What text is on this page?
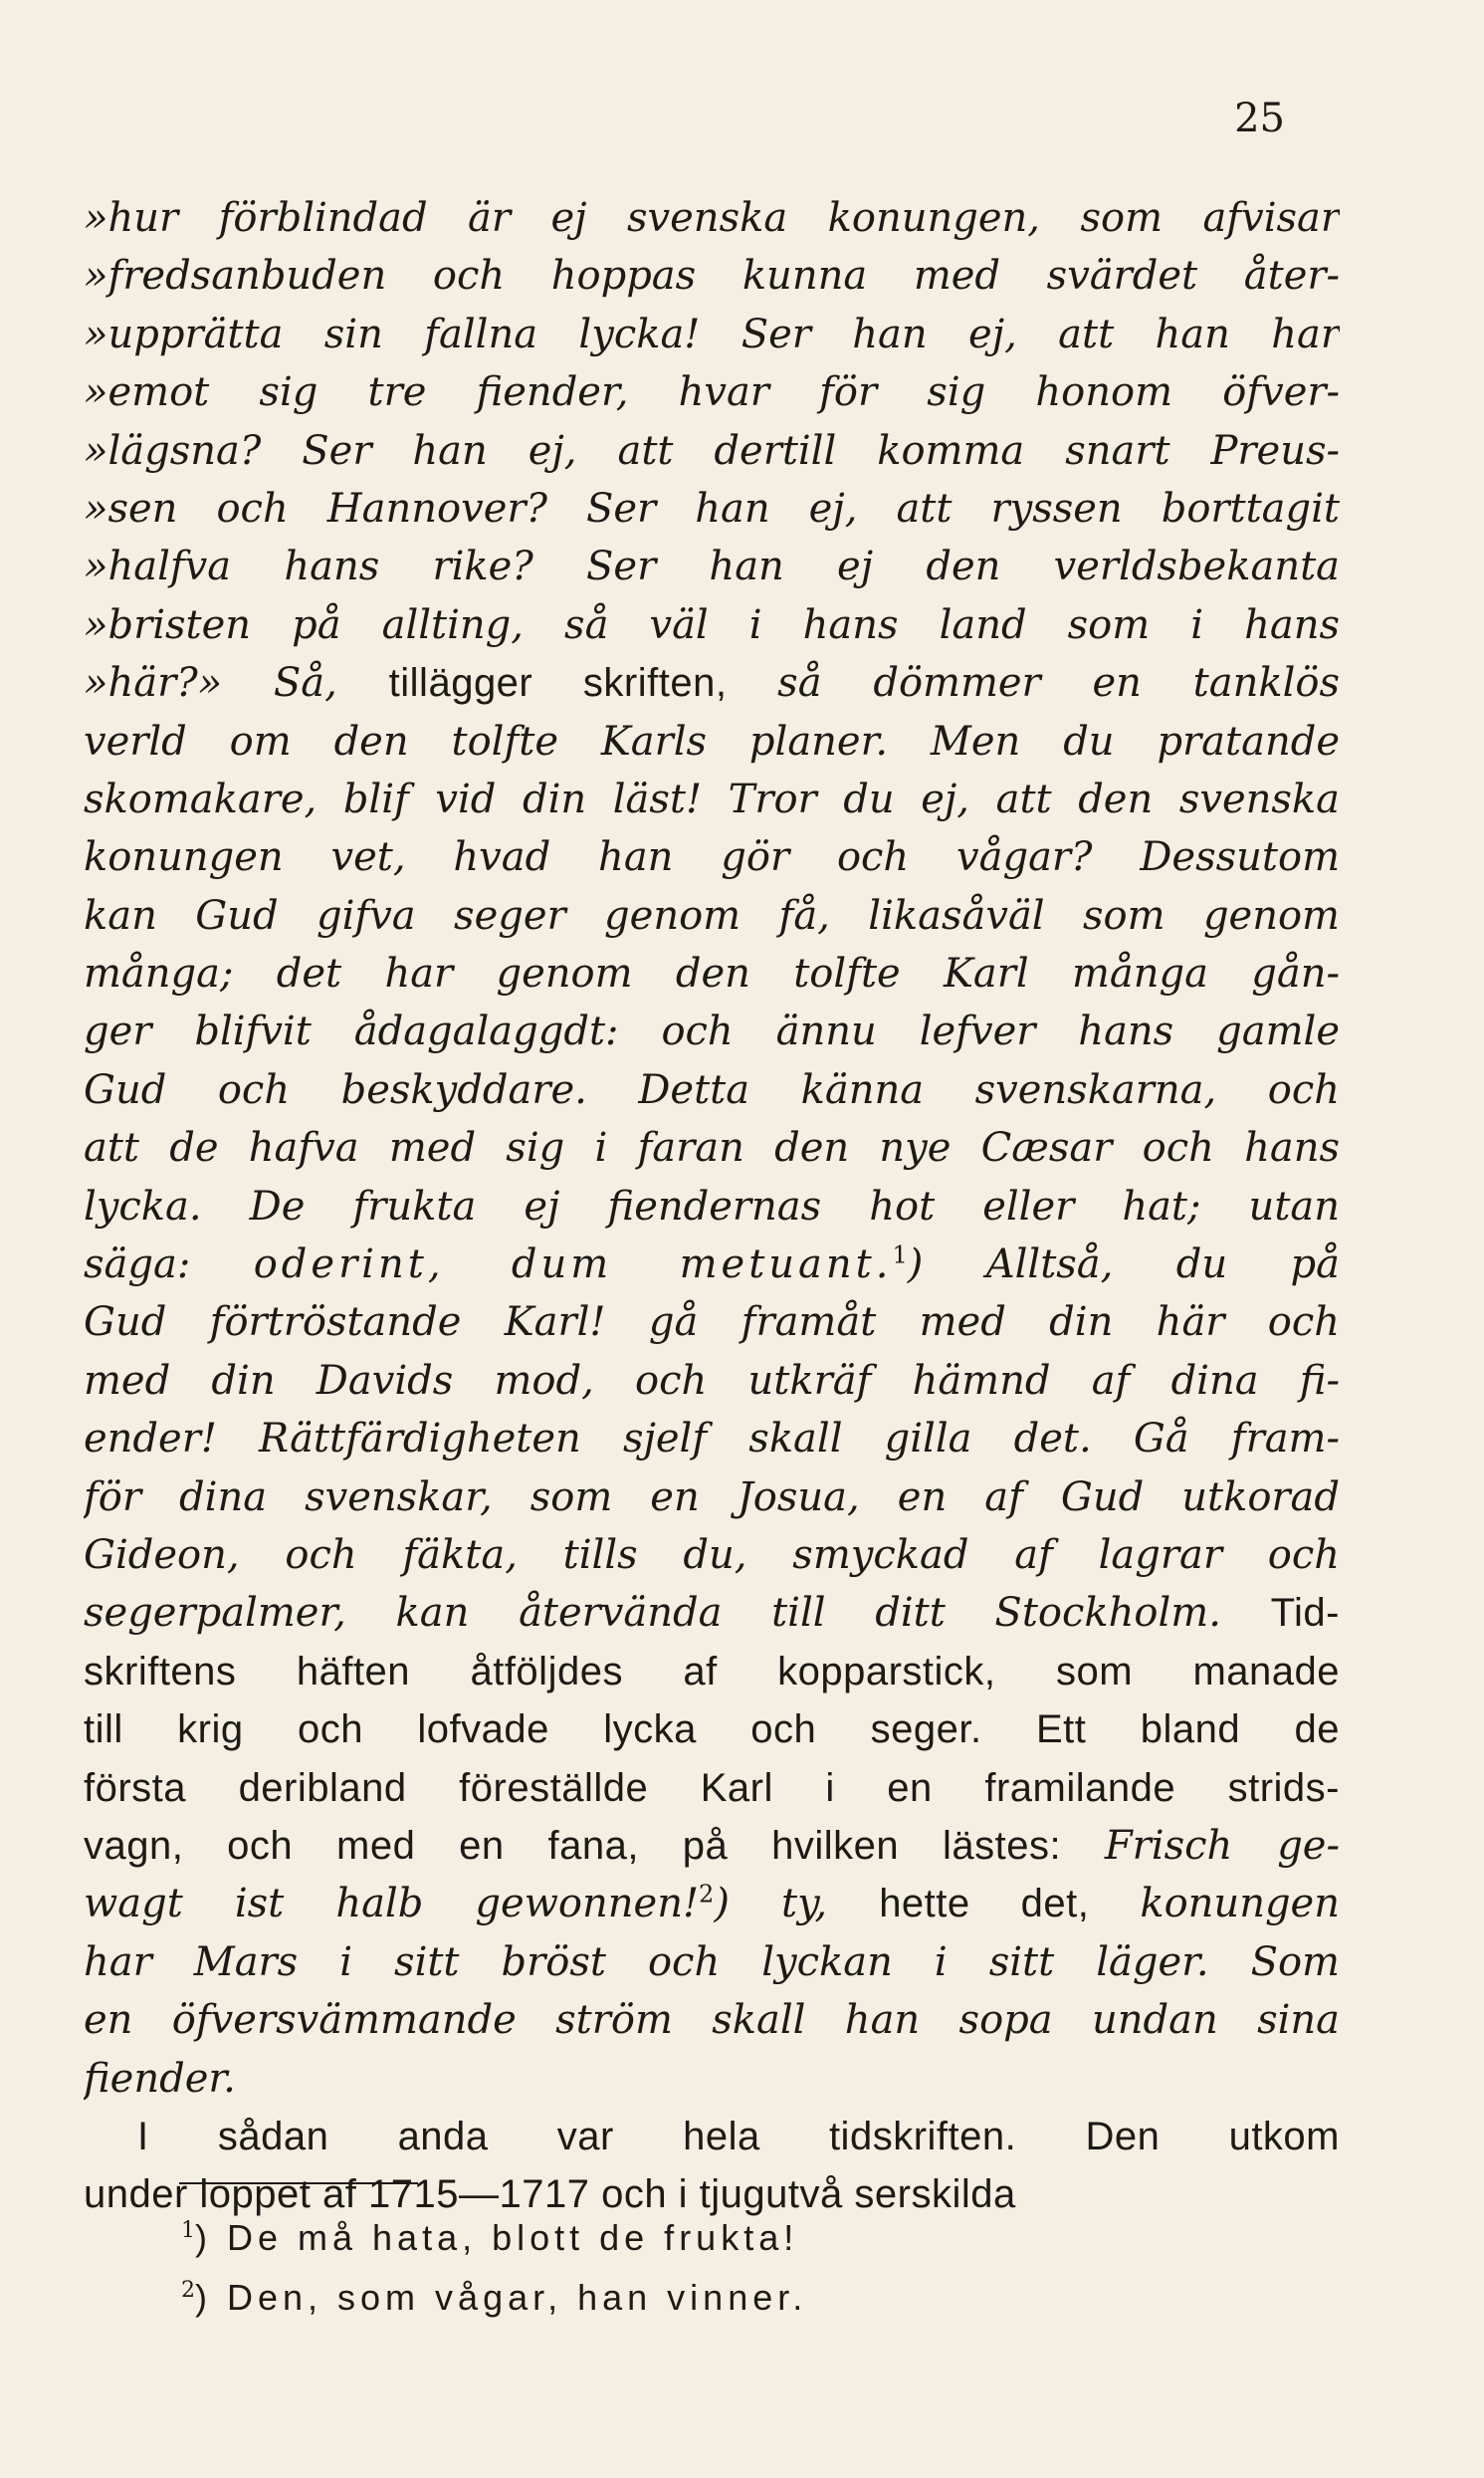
25
»hur förblindad är ej svenska konungen, som afvisar
»fredsanbuden och hoppas kunna med svärdet åter-
»upprätta sin fallna lycka! Ser han ej, att han har
»emot sig tre fiender, hvar för sig honom öfver-
»lägsna? Ser han ej, att dertill komma snart Preus-
»sen och Hannover? Ser han ej, att ryssen borttagit
»halfva hans rike? Ser han ej den verldsbekanta
»bristen på allting, så väl i hans land som i hans
»här?» Så, tillägger skriften, så dömmer en tanklös
verld om den tolfte Karls planer. Men du pratande
skomakare, blif vid din läst! Tror du ej, att den svenska
konungen vet, hvad han gör och vågar? Dessutom
kan Gud gifva seger genom få, likasåväl som genom
många; det har genom den tolfte Karl många gån-
ger blifvit ådagalaggdt: och ännu lefver hans gamle
Gud och beskyddare. Detta känna svenskarna, och
att de hafva med sig i faran den nye Cæsar och hans
lycka. De frukta ej fiendernas hot eller hat; utan
säga: oderint, dum metuant.$^1$) Alltså, du på
Gud förtröstande Karl! gå framåt med din här och
med din Davids mod, och utkräf hämnd af dina fi-
ender! Rättfärdigheten sjelf skall gilla det. Gå fram-
för dina svenskar, som en Josua, en af Gud utkorad
Gideon, och fäkta, tills du, smyckad af lagrar och
segerpalmer, kan återvända till ditt Stockholm. Tid-
skriftens häften åtföljdes af kopparstick, som manade
till krig och lofvade lycka och seger. Ett bland de
första deribland föreställde Karl i en framilande strids-
vagn, och med en fana, på hvilken lästes: Frisch ge-
wagt ist halb gewonnen!$^2$) ty, hette det, konungen
har Mars i sitt bröst och lyckan i sitt läger. Som
en öfversvämmande ström skall han sopa undan sina
fiender.
I sådan anda var hela tidskriften. Den utkom
under loppet af 1715—1717 och i tjugutvå serskilda
$^1$) De må hata, blott de frukta!
$^2$) Den, som vågar, han vinner.
